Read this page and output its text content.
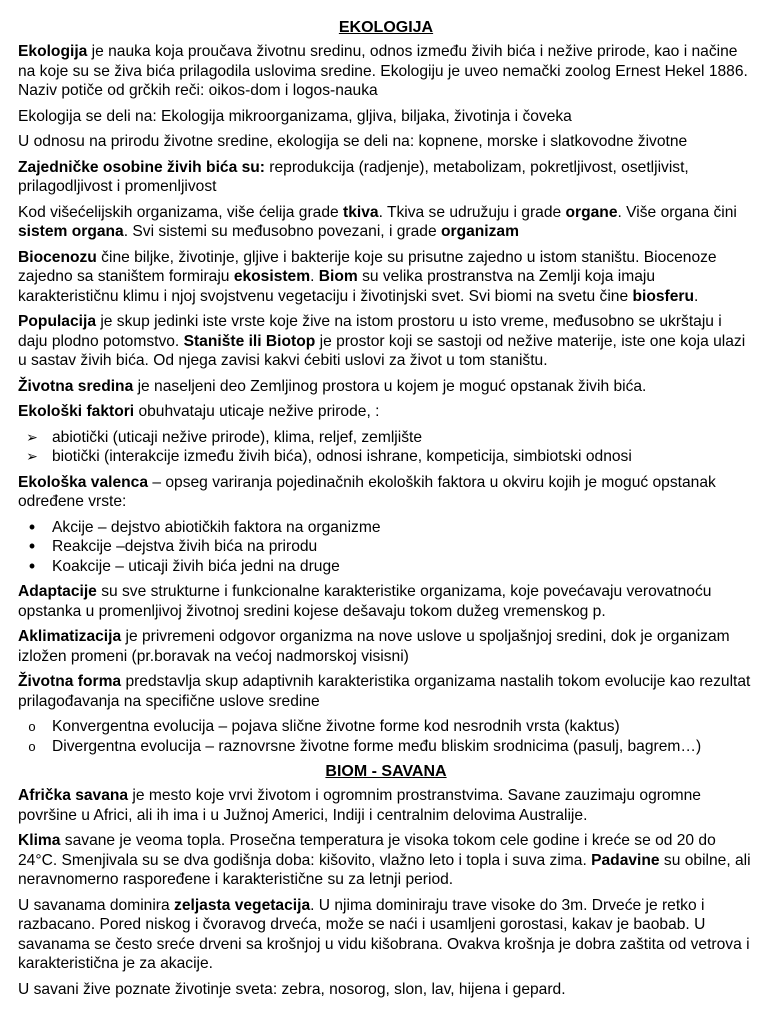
EKOLOGIJA

Ekologija je nauka koja proučava životnu sredinu, odnos između živih bića i nežive prirode, kao i načine na koje su se živa bića prilagodila uslovima sredine. Ekologiju je uveo nemački zoolog Ernest Hekel 1886. Naziv potiče od grčkih reči: oikos-dom i logos-nauka

Ekologija se deli na: Ekologija mikroorganizama, gljiva, biljaka, životinja i čoveka

U odnosu na prirodu životne sredine, ekologija se deli na: kopnene, morske i slatkovodne životne

Zajedničke osobine živih bića su: reprodukcija (radjenje), metabolizam, pokretljivost, osetljivist, prilagodljivost i promenljivost

Kod višećelijskih organizama, više ćelija grade tkiva. Tkiva se udružuju i grade organe. Više organa čini sistem organa. Svi sistemi su međusobno povezani, i grade organizam

Biocenozu čine biljke, životinje, gljive i bakterije koje su prisutne zajedno u istom staništu. Biocenoze zajedno sa staništem formiraju ekosistem. Biom su velika prostranstva na Zemlji koja imaju karakterističnu klimu i njoj svojstvenu vegetaciju i životinjski svet. Svi biomi na svetu čine biosferu.

Populacija je skup jedinki iste vrste koje žive na istom prostoru u isto vreme, međusobno se ukrštaju i daju plodno potomstvo. Stanište ili Biotop je prostor koji se sastoji od nežive materije, iste one koja ulazi u sastav živih bića. Od njega zavisi kakvi ćebiti uslovi za život u tom staništu.

Životna sredina je naseljeni deo Zemljinog prostora u kojem je moguć opstanak živih bića.

Ekološki faktori obuhvataju uticaje nežive prirode, :

➢
abiotički (uticaji nežive prirode), klima, reljef, zemljište
➢
biotički (interakcije između živih bića), odnosi ishrane, kompeticija, simbiotski odnosi

Ekološka valenca – opseg variranja pojedinačnih ekoloških faktora u okviru kojih je moguć opstanak određene vrste:

•
Akcije – dejstvo abiotičkih faktora na organizme
•
Reakcije –dejstva živih bića na prirodu
•
Koakcije – uticaji živih bića jedni na druge

Adaptacije su sve strukturne i funkcionalne karakteristike organizama, koje povećavaju verovatnoću opstanka u promenljivoj životnoj sredini kojese dešavaju tokom dužeg vremenskog p.

Aklimatizacija je privremeni odgovor organizma na nove uslove u spoljašnjoj sredini, dok je organizam izložen promeni (pr.boravak na većoj nadmorskoj visisni)

Životna forma predstavlja skup adaptivnih karakteristika organizama nastalih tokom evolucije kao rezultat prilagođavanja na specifične uslove sredine

o
Konvergentna evolucija – pojava slične životne forme kod nesrodnih vrsta (kaktus)
o
Divergentna evolucija – raznovrsne životne forme među bliskim srodnicima (pasulj, bagrem…)
BIOM - SAVANA

Afrička savana je mesto koje vrvi životom i ogromnim prostranstvima. Savane zauzimaju ogromne površine u Africi, ali ih ima i u Južnoj Americi, Indiji i centralnim delovima Australije.

Klima savane je veoma topla. Prosečna temperatura je visoka tokom cele godine i kreće se od 20 do 24°C. Smenjivala su se dva godišnja doba: kišovito, vlažno leto i topla i suva zima. Padavine su obilne, ali neravnomerno raspoređene i karakteristične su za letnji period.

U savanama dominira zeljasta vegetacija. U njima dominiraju trave visoke do 3m. Drveće je retko i razbacano. Pored niskog i čvoravog drveća, može se naći i usamljeni gorostasi, kakav je baobab. U savanama se često sreće drveni sa krošnjoj u vidu kišobrana. Ovakva krošnja je dobra zaštita od vetrova i karakteristična je za akacije.

U savani žive poznate životinje sveta: zebra, nosorog, slon, lav, hijena i gepard.
